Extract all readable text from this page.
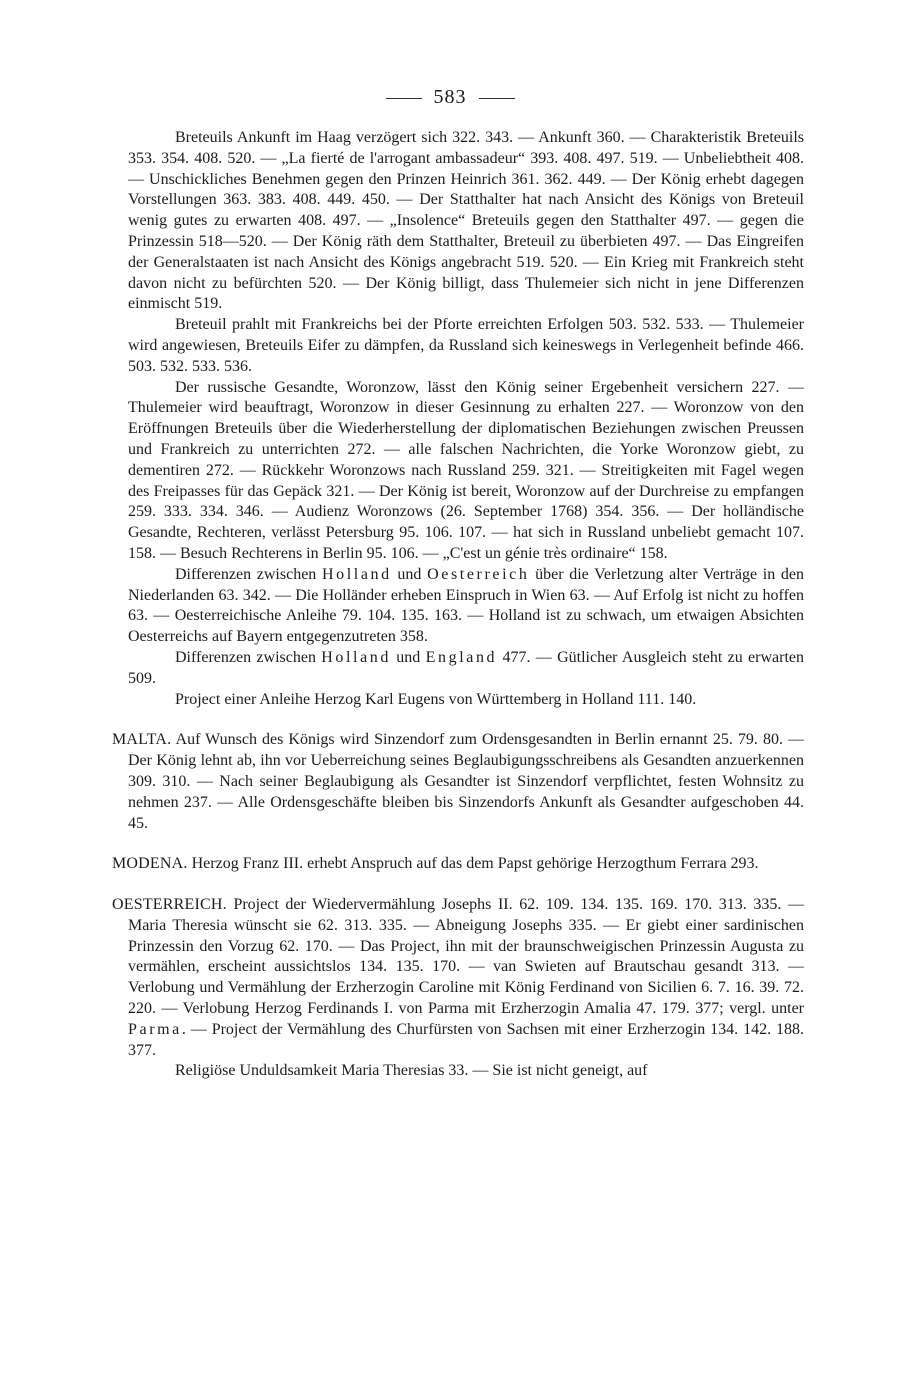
583

Breteuils Ankunft im Haag verzögert sich 322. 343. — Ankunft 360. — Charakteristik Breteuils 353. 354. 408. 520. — „La fierté de l'arrogant ambassadeur“ 393. 408. 497. 519. — Unbeliebtheit 408. — Unschickliches Benehmen gegen den Prinzen Heinrich 361. 362. 449. — Der König erhebt dagegen Vorstellungen 363. 383. 408. 449. 450. — Der Statthalter hat nach Ansicht des Königs von Breteuil wenig gutes zu erwarten 408. 497. — „Insolence“ Breteuils gegen den Statthalter 497. — gegen die Prinzessin 518—520. — Der König räth dem Statthalter, Breteuil zu überbieten 497. — Das Eingreifen der Generalstaaten ist nach Ansicht des Königs angebracht 519. 520. — Ein Krieg mit Frankreich steht davon nicht zu befürchten 520. — Der König billigt, dass Thulemeier sich nicht in jene Differenzen einmischt 519.

Breteuil prahlt mit Frankreichs bei der Pforte erreichten Erfolgen 503. 532. 533. — Thulemeier wird angewiesen, Breteuils Eifer zu dämpfen, da Russland sich keineswegs in Verlegenheit befinde 466. 503. 532. 533. 536.

Der russische Gesandte, Woronzow, lässt den König seiner Ergebenheit versichern 227. — Thulemeier wird beauftragt, Woronzow in dieser Gesinnung zu erhalten 227. — Woronzow von den Eröffnungen Breteuils über die Wiederherstellung der diplomatischen Beziehungen zwischen Preussen und Frankreich zu unterrichten 272. — alle falschen Nachrichten, die Yorke Woronzow giebt, zu dementiren 272. — Rückkehr Woronzows nach Russland 259. 321. — Streitigkeiten mit Fagel wegen des Freipasses für das Gepäck 321. — Der König ist bereit, Woronzow auf der Durchreise zu empfangen 259. 333. 334. 346. — Audienz Woronzows (26. September 1768) 354. 356. — Der holländische Gesandte, Rechteren, verlässt Petersburg 95. 106. 107. — hat sich in Russland unbeliebt gemacht 107. 158. — Besuch Rechterens in Berlin 95. 106. — „C'est un génie très ordinaire“ 158.

Differenzen zwischen Holland und Oesterreich über die Verletzung alter Verträge in den Niederlanden 63. 342. — Die Holländer erheben Einspruch in Wien 63. — Auf Erfolg ist nicht zu hoffen 63. — Oesterreichische Anleihe 79. 104. 135. 163. — Holland ist zu schwach, um etwaigen Absichten Oesterreichs auf Bayern entgegenzutreten 358.

Differenzen zwischen Holland und England 477. — Gütlicher Ausgleich steht zu erwarten 509.

Project einer Anleihe Herzog Karl Eugens von Württemberg in Holland 111. 140.

MALTA. Auf Wunsch des Königs wird Sinzendorf zum Ordensgesandten in Berlin ernannt 25. 79. 80. — Der König lehnt ab, ihn vor Ueberreichung seines Beglaubigungsschreibens als Gesandten anzuerkennen 309. 310. — Nach seiner Beglaubigung als Gesandter ist Sinzendorf verpflichtet, festen Wohnsitz zu nehmen 237. — Alle Ordensgeschäfte bleiben bis Sinzendorfs Ankunft als Gesandter aufgeschoben 44. 45.

MODENA. Herzog Franz III. erhebt Anspruch auf das dem Papst gehörige Herzogthum Ferrara 293.

OESTERREICH. Project der Wiedervermählung Josephs II. 62. 109. 134. 135. 169. 170. 313. 335. — Maria Theresia wünscht sie 62. 313. 335. — Abneigung Josephs 335. — Er giebt einer sardinischen Prinzessin den Vorzug 62. 170. — Das Project, ihn mit der braunschweigischen Prinzessin Augusta zu vermählen, erscheint aussichtslos 134. 135. 170. — van Swieten auf Brautschau gesandt 313. — Verlobung und Vermählung der Erzherzogin Caroline mit König Ferdinand von Sicilien 6. 7. 16. 39. 72. 220. — Verlobung Herzog Ferdinands I. von Parma mit Erzherzogin Amalia 47. 179. 377; vergl. unter Parma. — Project der Vermählung des Churfürsten von Sachsen mit einer Erzherzogin 134. 142. 188. 377.

Religiöse Unduldsamkeit Maria Theresias 33. — Sie ist nicht geneigt, auf
